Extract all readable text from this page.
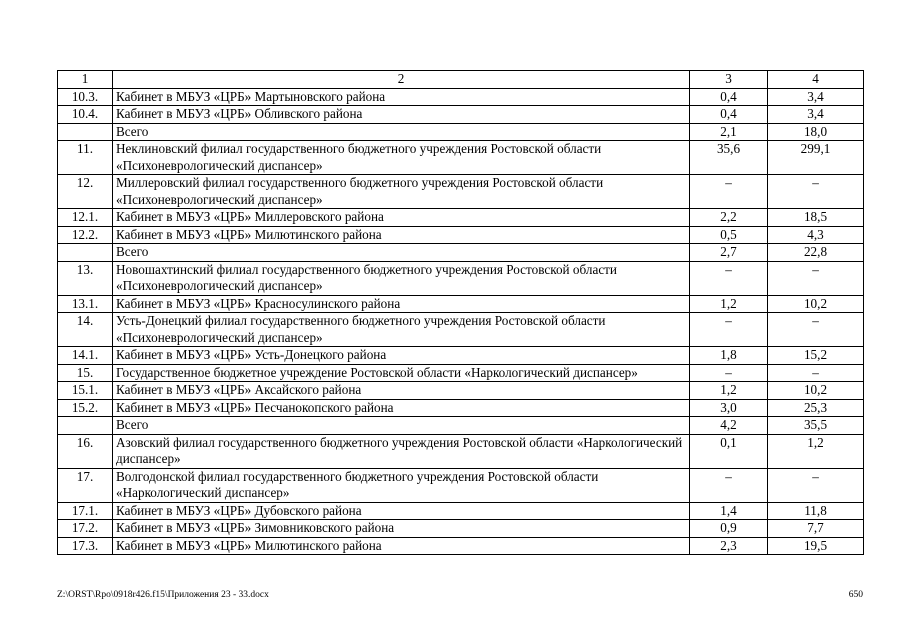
1	2	3	4
10.3.	Кабинет в МБУЗ «ЦРБ» Мартыновского района	0,4	3,4
10.4.	Кабинет в МБУЗ «ЦРБ» Обливского района	0,4	3,4
	Всего	2,1	18,0
11.	Неклиновский филиал государственного бюджетного учреждения Ростовской области «Психоневрологический диспансер»	35,6	299,1
12.	Миллеровский филиал государственного бюджетного учреждения Ростовской области «Психоневрологический диспансер»	–	–
12.1.	Кабинет в МБУЗ «ЦРБ» Миллеровского района	2,2	18,5
12.2.	Кабинет в МБУЗ «ЦРБ» Милютинского района	0,5	4,3
	Всего	2,7	22,8
13.	Новошахтинский филиал государственного бюджетного учреждения Ростовской области «Психоневрологический диспансер»	–	–
13.1.	Кабинет в МБУЗ «ЦРБ» Красносулинского района	1,2	10,2
14.	Усть-Донецкий филиал государственного бюджетного учреждения Ростовской области «Психоневрологический диспансер»	–	–
14.1.	Кабинет в МБУЗ «ЦРБ» Усть-Донецкого района	1,8	15,2
15.	Государственное бюджетное учреждение Ростовской области «Наркологический диспансер»	–	–
15.1.	Кабинет в МБУЗ «ЦРБ» Аксайского района	1,2	10,2
15.2.	Кабинет в МБУЗ «ЦРБ» Песчанокопского района	3,0	25,3
	Всего	4,2	35,5
16.	Азовский филиал государственного бюджетного учреждения Ростовской области «Наркологический диспансер»	0,1	1,2
17.	Волгодонской филиал государственного бюджетного учреждения Ростовской области «Наркологический диспансер»	–	–
17.1.	Кабинет в МБУЗ «ЦРБ» Дубовского района	1,4	11,8
17.2.	Кабинет в МБУЗ «ЦРБ» Зимовниковского района	0,9	7,7
17.3.	Кабинет в МБУЗ «ЦРБ» Милютинского района	2,3	19,5
Z:\ORST\Rpo\0918r426.f15\Приложения 23 - 33.docx	650
